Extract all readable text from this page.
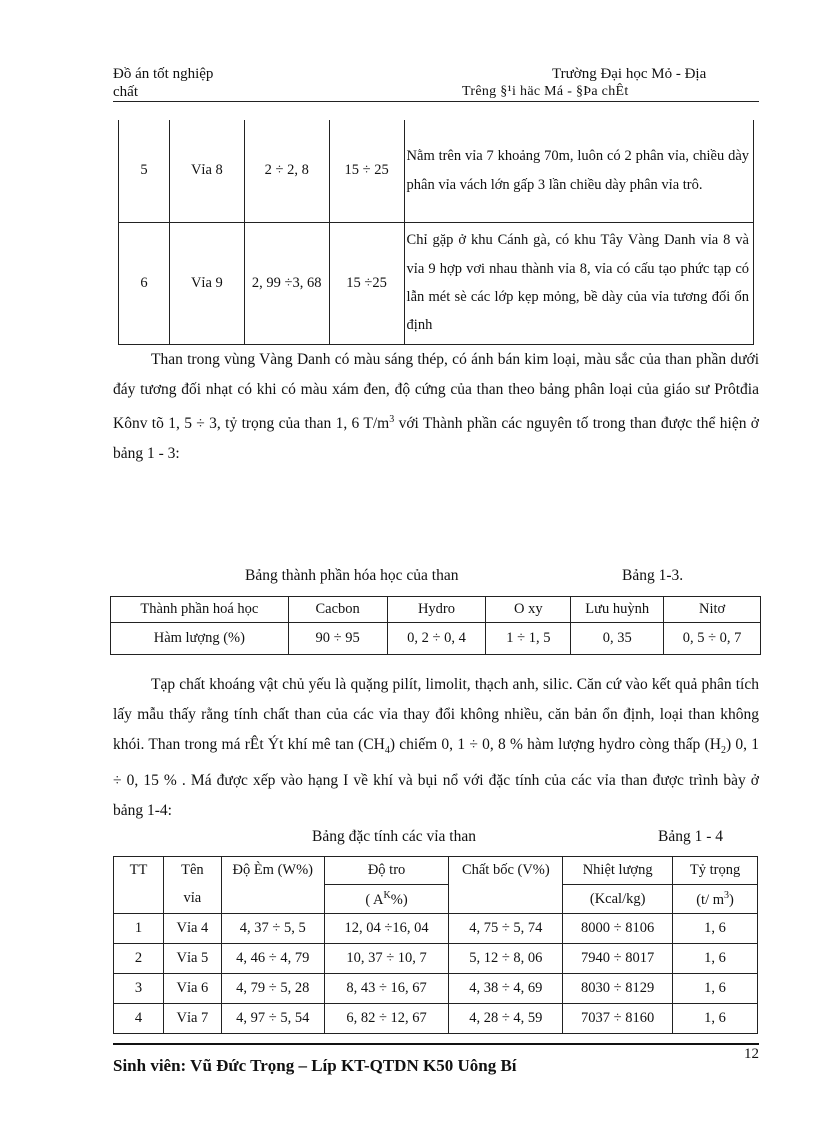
Đồ án tốt nghiệp	Trường Đại học Mỏ - Địa
chất	Trêng §¹i häc Má - §Þa chÊt
5	Vỉa 8	2 ÷ 2, 8	15 ÷ 25	Nằm trên vỉa 7 khoảng 70m, luôn có 2 phân vỉa, chiều dày phân vỉa vách lớn gấp 3 lần chiều dày phân vỉa trô.
6	Vỉa 9	2, 99 ÷3, 68	15 ÷25	Chỉ gặp ở khu Cánh gà, có khu Tây Vàng Danh vỉa 8 và vỉa 9 hợp vơi nhau thành vỉa 8, vỉa có cấu tạo phức tạp có lẫn mét sè các lớp kẹp mỏng, bề dày của vỉa tương đối ổn định
Than trong vùng Vàng Danh có màu sáng thép, có ánh bán kim loại, màu sắc của than phần dưới đáy tương đối nhạt có khi có màu xám đen, độ cứng của than theo bảng phân loại của giáo sư Prôtđia Kônv tõ 1, 5 ÷ 3, tỷ trọng của than 1, 6 $T/m^3$ với Thành phần các nguyên tố trong than được thể hiện ở bảng 1 - 3:
Bảng thành phần hóa học của than	Bảng 1-3.
Thành phần hoá học	Cacbon	Hydro	O xy	Lưu huỳnh	Nitơ
Hàm lượng (%)	90 ÷ 95	0, 2 ÷ 0, 4	1 ÷ 1, 5	0, 35	0, 5 ÷ 0, 7
Tạp chất khoáng vật chủ yếu là quặng pilít, limolit, thạch anh, silic. Căn cứ vào kết quả phân tích lấy mẫu thấy rằng tính chất than của các vỉa thay đổi không nhiều, căn bản ổn định, loại than không khói. Than trong má rÊt Ýt khí mê $\tan (CH_4)$ chiếm 0, 1 ÷ 0, 8 % hàm lượng hydro còng thấp $(H_2)$ 0, 1 ÷ 0, 15 % . Má được xếp vào hạng I về khí và bụi nổ với đặc tính của các vỉa than được trình bày ở bảng 1-4:
Bảng đặc tính các vỉa than	Bảng 1 - 4
TT	Tên	Độ Èm (W%)	Độ tro	Chất bốc (V%)	Nhiệt lượng	Tỷ trọng
	vỉa		( $A^K\%$)		(Kcal/kg)	(t/ $m^3$)
1	Vỉa 4	4, 37 ÷ 5, 5	12, 04 ÷16, 04	4, 75 ÷ 5, 74	8000 ÷ 8106	1, 6
2	Vỉa 5	4, 46 ÷ 4, 79	10, 37 ÷ 10, 7	5, 12 ÷ 8, 06	7940 ÷ 8017	1, 6
3	Vỉa 6	4, 79 ÷ 5, 28	8, 43 ÷ 16, 67	4, 38 ÷ 4, 69	8030 ÷ 8129	1, 6
4	Vỉa 7	4, 97 ÷ 5, 54	6, 82 ÷ 12, 67	4, 28 ÷ 4, 59	7037 ÷ 8160	1, 6
12
Sinh viên: Vũ Đức Trọng – Líp KT-QTDN K50 Uông Bí
